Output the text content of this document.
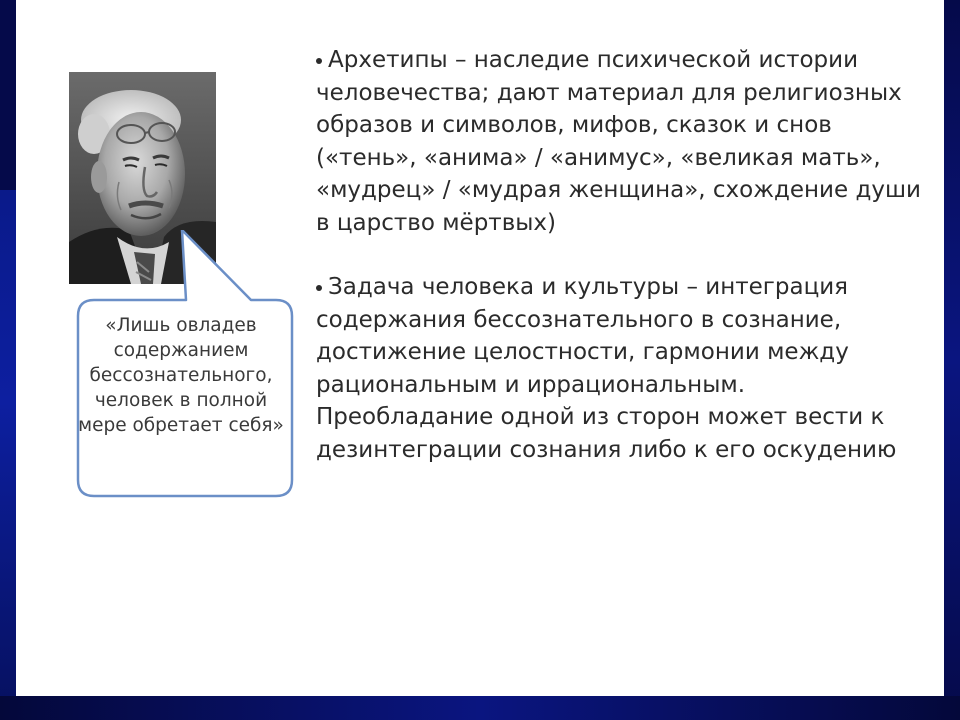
«Лишь овладев содержанием бессознательного, человек в полной мере обретает себя»
Архетипы – наследие психической истории человечества; дают материал для религиозных образов и символов, мифов, сказок и снов («тень», «анима» / «анимус», «великая мать», «мудрец» / «мудрая женщина», схождение души в царство мёртвых)
Задача человека и культуры – интеграция содержания бессознательного в сознание, достижение целостности, гармонии между рациональным и иррациональным. Преобладание одной из сторон может вести к дезинтеграции сознания либо к его оскудению
